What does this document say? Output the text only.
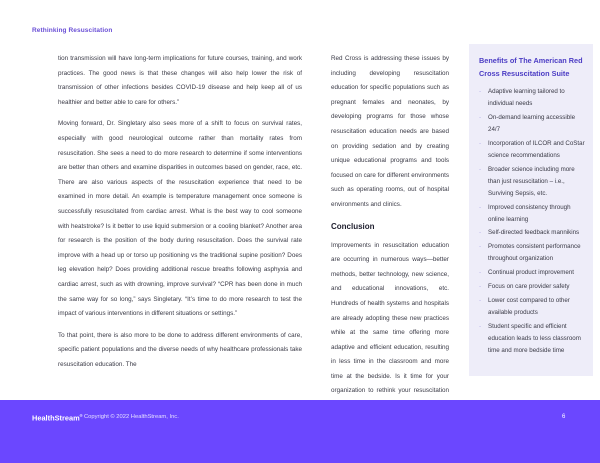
Rethinking Resuscitation

tion transmission will have long-term implications for future courses, training, and work practices. The good news is that these changes will also help lower the risk of transmission of other infections besides COVID-19 disease and help keep all of us healthier and better able to care for others.”

Moving forward, Dr. Singletary also sees more of a shift to focus on survival rates, especially with good neurological outcome rather than mortality rates from resuscitation. She sees a need to do more research to determine if some interventions are better than others and examine disparities in outcomes based on gender, race, etc. There are also various aspects of the resuscitation experience that need to be examined in more detail. An example is temperature management once someone is successfully resuscitated from cardiac arrest. What is the best way to cool someone with heatstroke? Is it better to use liquid submersion or a cooling blanket? Another area for research is the position of the body during resuscitation. Does the survival rate improve with a head up or torso up positioning vs the traditional supine position? Does leg elevation help? Does providing additional rescue breaths following asphyxia and cardiac arrest, such as with drowning, improve survival? “CPR has been done in much the same way for so long,” says Singletary. “It’s time to do more research to test the impact of various interventions in different situations or settings.”

To that point, there is also more to be done to address different environments of care, specific patient populations and the diverse needs of why healthcare professionals take resuscitation education. The

Red Cross is addressing these issues by including developing resuscitation education for specific populations such as pregnant females and neonates, by developing programs for those whose resuscitation education needs are based on providing sedation and by creating unique educational programs and tools focused on care for different environments such as operating rooms, out of hospital environments and clinics.

Conclusion

Improvements in resuscitation education are occurring in numerous ways—better methods, better technology, new science, and educational innovations, etc. Hundreds of health systems and hospitals are already adopting these new practices while at the same time offering more adaptive and efficient education, resulting in less time in the classroom and more time at the bedside. Is it time for your organization to rethink your resuscitation

Benefits of The American Red Cross Resuscitation Suite
· Adaptive learning tailored to individual needs
· On-demand learning accessible 24/7
· Incorporation of ILCOR and CoStar science recommendations
· Broader science including more than just resuscitation – i.e., Surviving Sepsis, etc.
· Improved consistency through online learning
· Self-directed feedback mannikins
· Promotes consistent performance throughout organization
· Continual product improvement
· Focus on care provider safety
· Lower cost compared to other available products
· Student specific and efficient education leads to less classroom time and more bedside time
HealthStream® Copyright © 2022 HealthStream, Inc.	6
